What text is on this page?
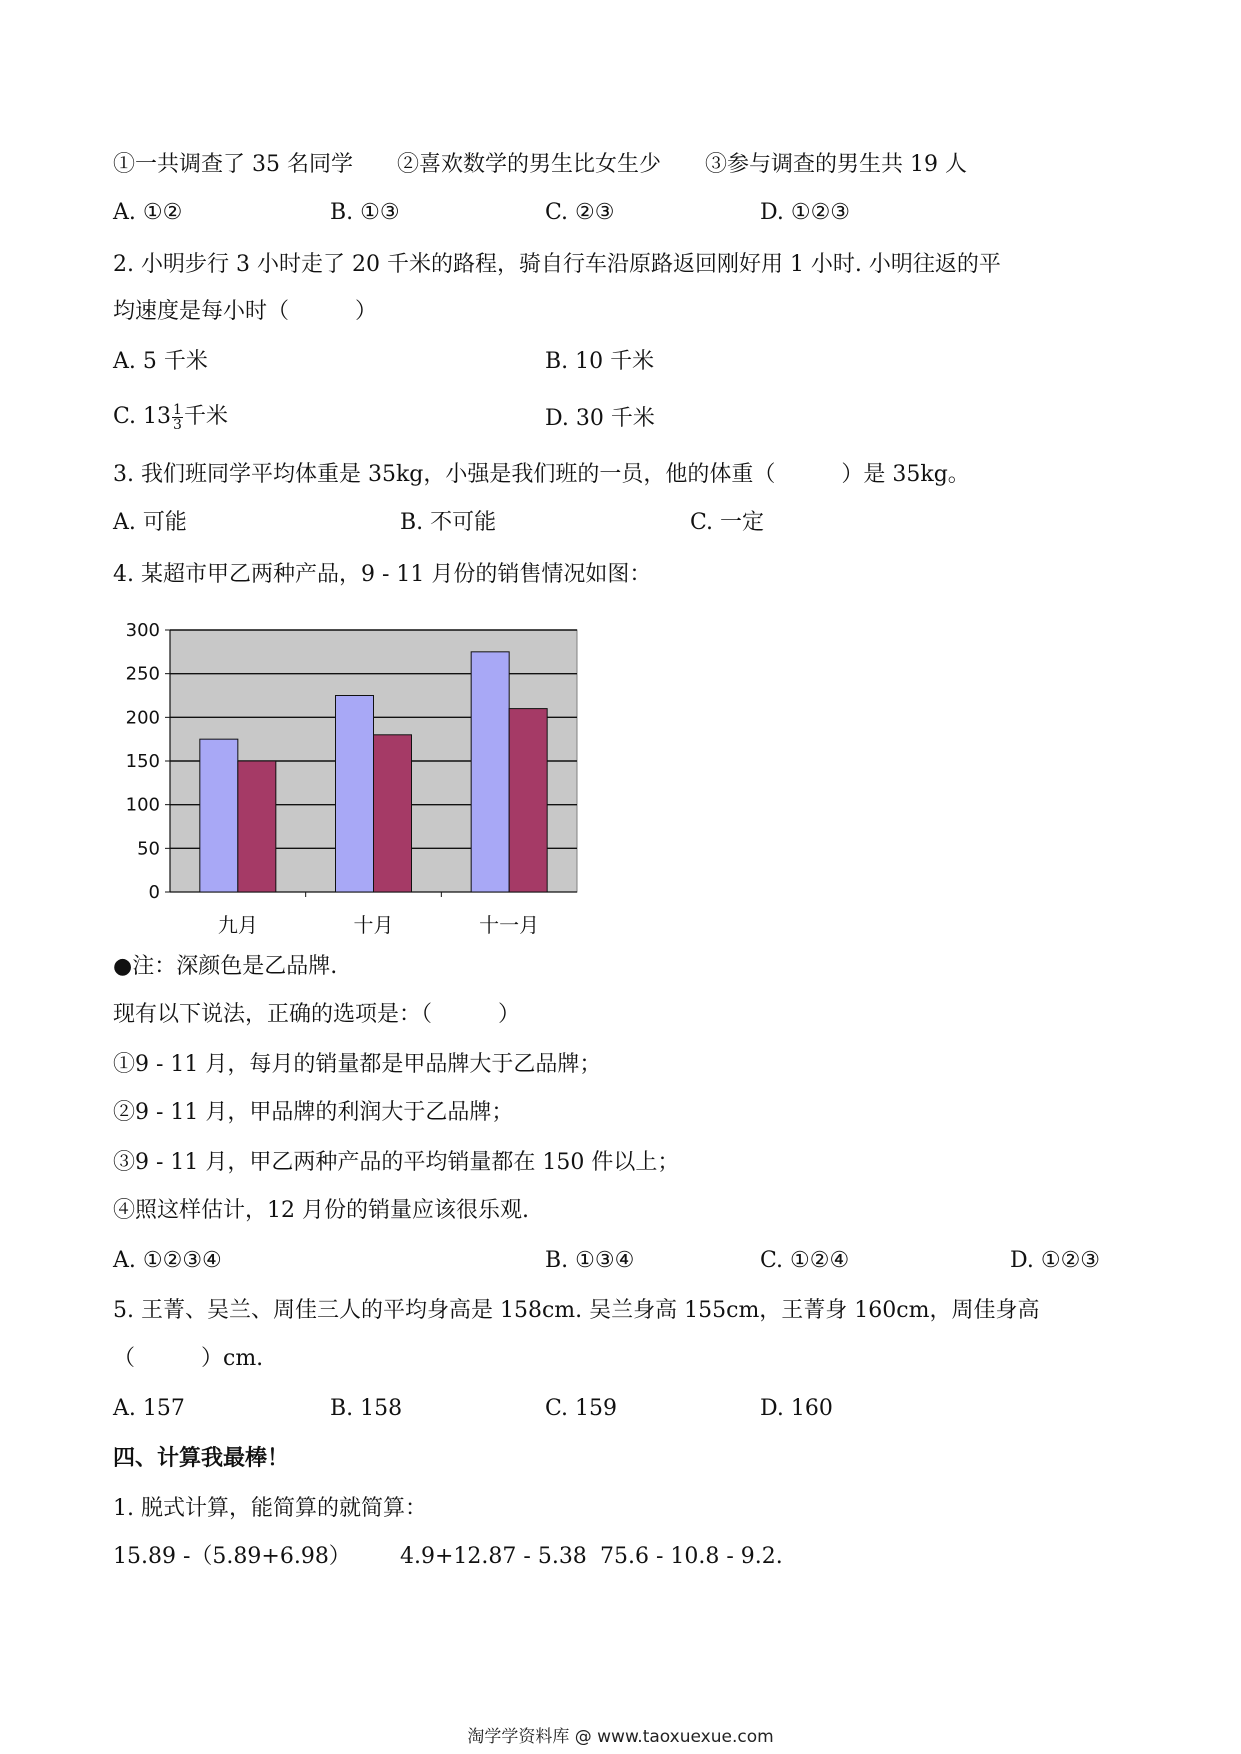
①一共调查了 35 名同学　　②喜欢数学的男生比女生少　　③参与调查的男生共 19 人
A. ①②	B. ①③	C. ②③	D. ①②③
2. 小明步行 3 小时走了 20 千米的路程，骑自行车沿原路返回刚好用 1 小时. 小明往返的平
均速度是每小时（　　　）
A. 5 千米	B. 10 千米
C. $13 \frac{1}{3}$ 千米	D. 30 千米
3. 我们班同学平均体重是 35kg，小强是我们班的一员，他的体重（　　　）是 35kg。
A. 可能	B. 不可能	C. 一定
4. 某超市甲乙两种产品，9 - 11 月份的销售情况如图：
0
50
100
150
200
250
300
九月	十月	十一月
●注：深颜色是乙品牌.
现有以下说法，正确的选项是：（　　　）
①9 - 11 月，每月的销量都是甲品牌大于乙品牌；
②9 - 11 月，甲品牌的利润大于乙品牌；
③9 - 11 月，甲乙两种产品的平均销量都在 150 件以上；
④照这样估计，12 月份的销量应该很乐观.
A. ①②③④	B. ①③④	C. ①②④	D. ①②③
5. 王菁、吴兰、周佳三人的平均身高是 158cm. 吴兰身高 155cm，王菁身 160cm，周佳身高
（　　　）cm.
A. 157	B. 158	C. 159	D. 160
四、计算我最棒！
1. 脱式计算，能简算的就简算：
15.89 -（5.89+6.98） 4.9+12.87 - 5.38 75.6 - 10.8 - 9.2.
淘学学资料库 @ www.taoxuexue.com
